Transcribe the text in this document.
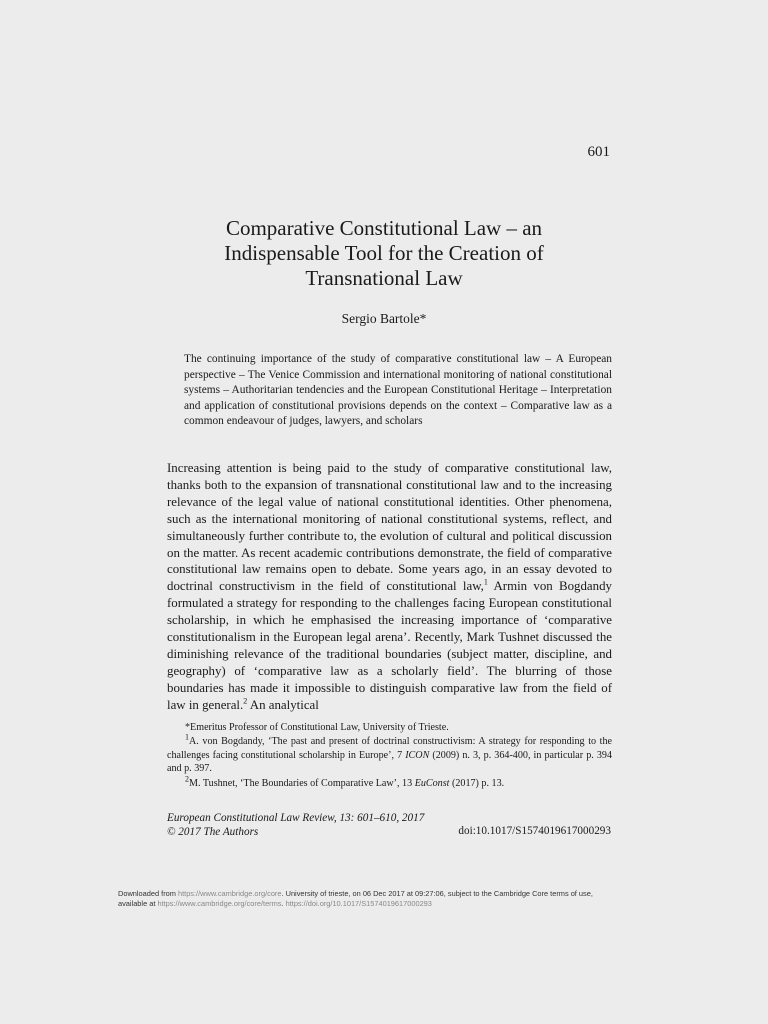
601
Comparative Constitutional Law – an
Indispensable Tool for the Creation of
Transnational Law
Sergio Bartole*
The continuing importance of the study of comparative constitutional law – A European perspective – The Venice Commission and international monitoring of national constitutional systems – Authoritarian tendencies and the European Constitutional Heritage – Interpretation and application of constitutional provisions depends on the context – Comparative law as a common endeavour of judges, lawyers, and scholars

Increasing attention is being paid to the study of comparative constitutional law, thanks both to the expansion of transnational constitutional law and to the increasing relevance of the legal value of national constitutional identities. Other phenomena, such as the international monitoring of national constitutional systems, reflect, and simultaneously further contribute to, the evolution of cultural and political discussion on the matter. As recent academic contributions demonstrate, the field of comparative constitutional law remains open to debate. Some years ago, in an essay devoted to doctrinal constructivism in the field of constitutional law,$^1$ Armin von Bogdandy formulated a strategy for responding to the challenges facing European constitutional scholarship, in which he emphasised the increasing importance of ‘comparative constitutionalism in the European legal arena’. Recently, Mark Tushnet discussed the diminishing relevance of the traditional boundaries (subject matter, discipline, and geography) of ‘comparative law as a scholarly field’. The blurring of those boundaries has made it impossible to distinguish comparative law from the field of law in general.$^2$ An analytical

*Emeritus Professor of Constitutional Law, University of Trieste.

$^1$A. von Bogdandy, ‘The past and present of doctrinal constructivism: A strategy for responding to the challenges facing constitutional scholarship in Europe’, 7 ICON (2009) n. 3, p. 364-400, in particular p. 394 and p. 397.

$^2$M. Tushnet, ‘The Boundaries of Comparative Law’, 13 EuConst (2017) p. 13.

European Constitutional Law Review, 13: 601–610, 2017
© 2017 The Authors	doi:10.1017/S1574019617000293
Downloaded from https://www.cambridge.org/core. University of trieste, on 06 Dec 2017 at 09:27:06, subject to the Cambridge Core terms of use,
available at https://www.cambridge.org/core/terms. https://doi.org/10.1017/S1574019617000293
